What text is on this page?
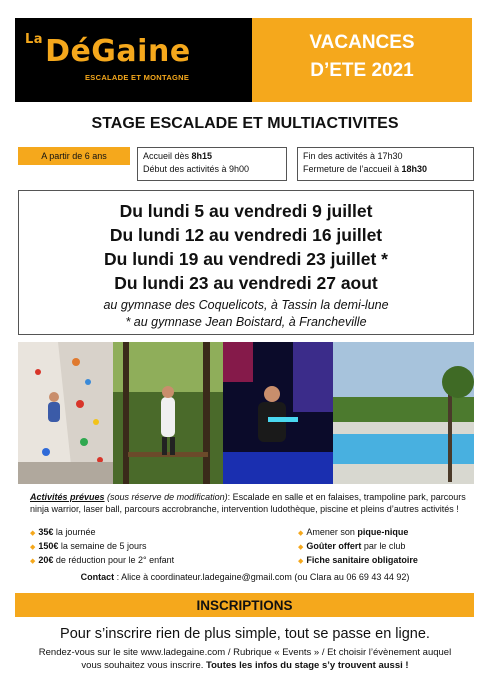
$^{La}$DéGaine
ESCALADE ET MONTAGNE
VACANCES
D’ETE 2021
STAGE ESCALADE ET MULTIACTIVITES
A partir de 6 ans	Accueil dès 8h15
Début des activités à 9h00
Fin des activités à 17h30
Fermeture de l’accueil à 18h30
Du lundi 5 au vendredi 9 juillet
Du lundi 12 au vendredi 16 juillet
Du lundi 19 au vendredi 23 juillet *
Du lundi 23 au vendredi 27 aout
au gymnase des Coquelicots, à Tassin la demi-lune
* au gymnase Jean Boistard, à Francheville
Activités prévues (sous réserve de modification): Escalade en salle et en falaises, trampoline park, parcours ninja warrior, laser ball, parcours accrobranche, intervention ludothèque, piscine et pleins d’autres activités !
◆ 35€ la journée
◆ 150€ la semaine de 5 jours
◆ 20€ de réduction pour le 2° enfant
◆ Amener son pique-nique
◆ Goûter offert par le club
◆ Fiche sanitaire obligatoire
Contact : Alice à coordinateur.ladegaine@gmail.com (ou Clara au 06 69 43 44 92)
INSCRIPTIONS
Pour s’inscrire rien de plus simple, tout se passe en ligne.
Rendez-vous sur le site www.ladegaine.com / Rubrique « Events » / Et choisir l’évènement auquel vous souhaitez vous inscrire. Toutes les infos du stage s’y trouvent aussi !
